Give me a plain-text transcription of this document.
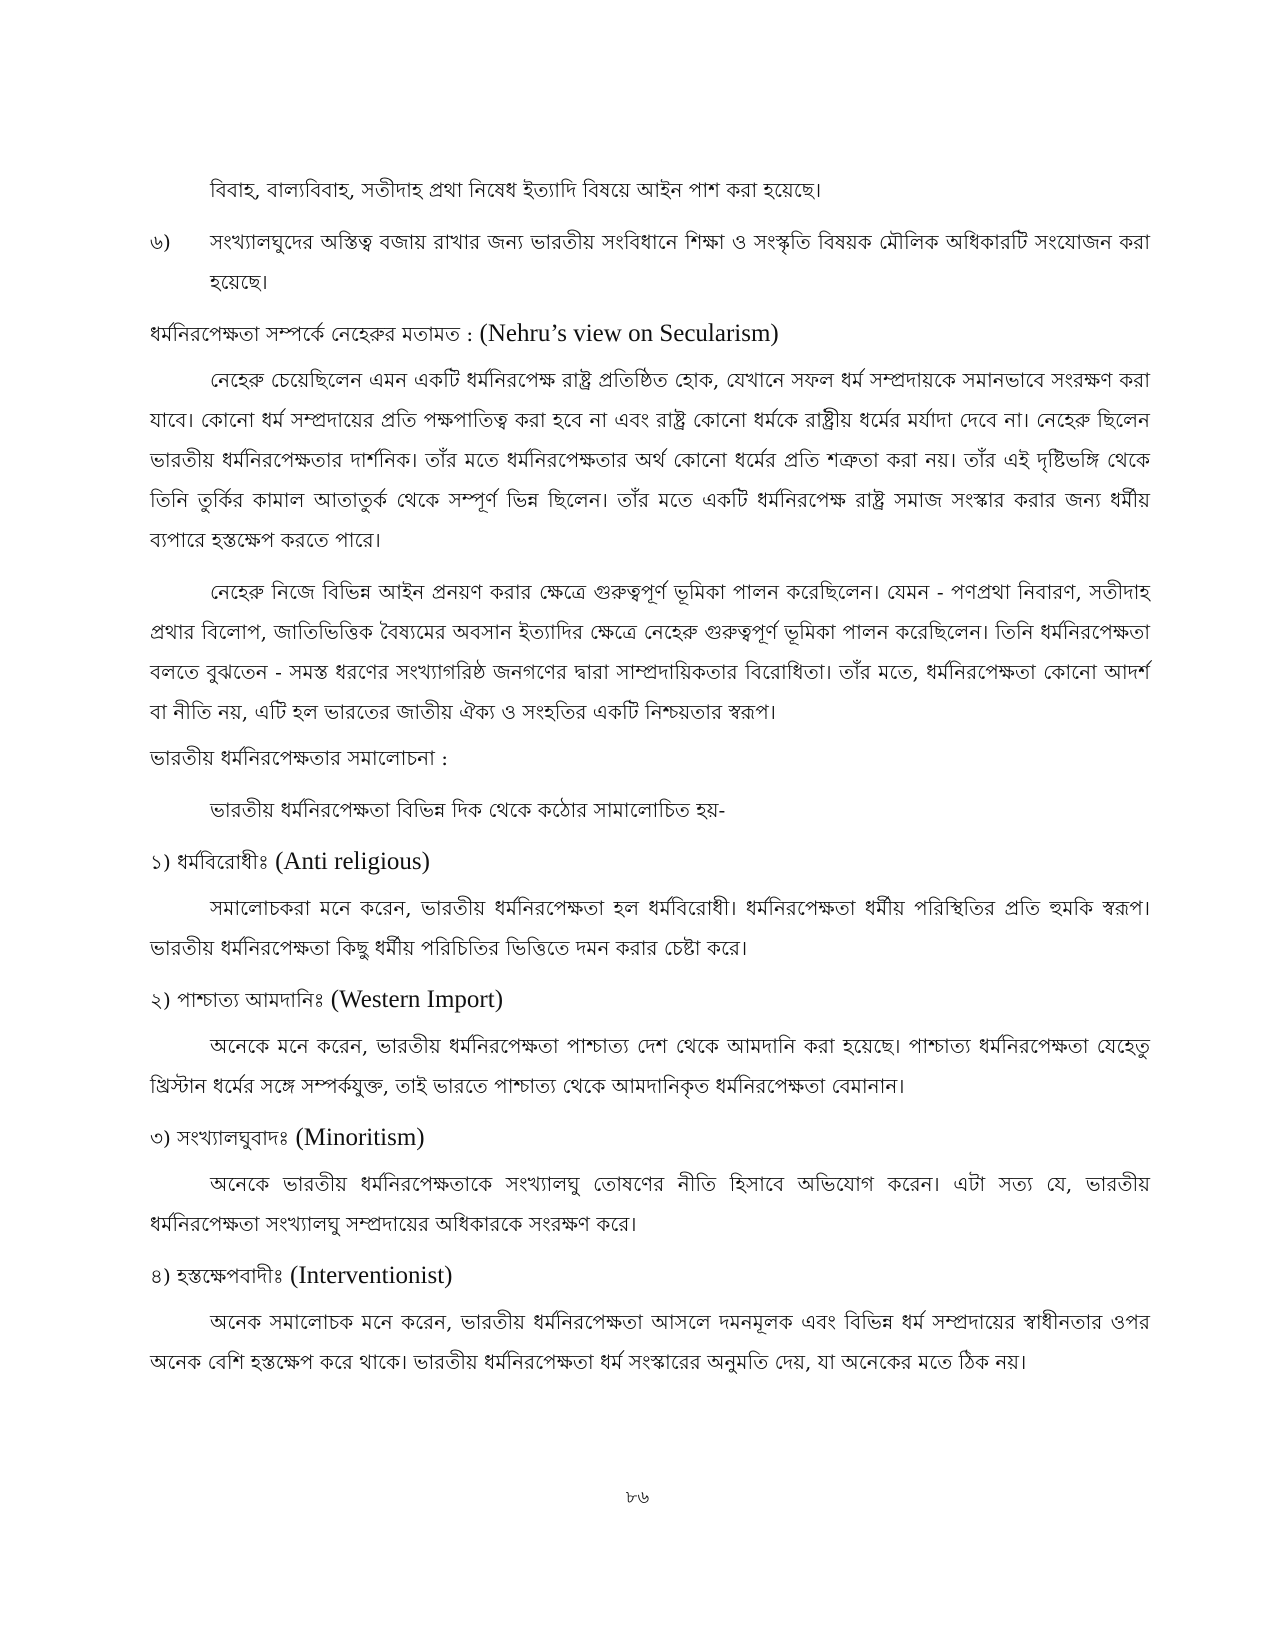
বিবাহ, বাল্যবিবাহ, সতীদাহ প্রথা নিষেধ ইত্যাদি বিষয়ে আইন পাশ করা হয়েছে।

৬)	সংখ্যালঘুদের অস্তিত্ব বজায় রাখার জন্য ভারতীয় সংবিধানে শিক্ষা ও সংস্কৃতি বিষয়ক মৌলিক অধিকারটি সংযোজন করা হয়েছে।

ধর্মনিরপেক্ষতা সম্পর্কে নেহেরুর মতামত : (Nehru’s view on Secularism)

নেহেরু চেয়েছিলেন এমন একটি ধর্মনিরপেক্ষ রাষ্ট্র প্রতিষ্ঠিত হোক, যেখানে সফল ধর্ম সম্প্রদায়কে সমানভাবে সংরক্ষণ করা যাবে। কোনো ধর্ম সম্প্রদায়ের প্রতি পক্ষপাতিত্ব করা হবে না এবং রাষ্ট্র কোনো ধর্মকে রাষ্ট্রীয় ধর্মের মর্যাদা দেবে না। নেহেরু ছিলেন ভারতীয় ধর্মনিরপেক্ষতার দার্শনিক। তাঁর মতে ধর্মনিরপেক্ষতার অর্থ কোনো ধর্মের প্রতি শত্রুতা করা নয়। তাঁর এই দৃষ্টিভঙ্গি থেকে তিনি তুর্কির কামাল আতাতুর্ক থেকে সম্পূর্ণ ভিন্ন ছিলেন। তাঁর মতে একটি ধর্মনিরপেক্ষ রাষ্ট্র সমাজ সংস্কার করার জন্য ধর্মীয় ব্যপারে হস্তক্ষেপ করতে পারে।

নেহেরু নিজে বিভিন্ন আইন প্রনয়ণ করার ক্ষেত্রে গুরুত্বপূর্ণ ভূমিকা পালন করেছিলেন। যেমন - পণপ্রথা নিবারণ, সতীদাহ প্রথার বিলোপ, জাতিভিত্তিক বৈষ্যমের অবসান ইত্যাদির ক্ষেত্রে নেহেরু গুরুত্বপূর্ণ ভূমিকা পালন করেছিলেন। তিনি ধর্মনিরপেক্ষতা বলতে বুঝতেন - সমস্ত ধরণের সংখ্যাগরিষ্ঠ জনগণের দ্বারা সাম্প্রদায়িকতার বিরোধিতা। তাঁর মতে, ধর্মনিরপেক্ষতা কোনো আদর্শ বা নীতি নয়, এটি হল ভারতের জাতীয় ঐক্য ও সংহতির একটি নিশ্চয়তার স্বরূপ।

ভারতীয় ধর্মনিরপেক্ষতার সমালোচনা :

ভারতীয় ধর্মনিরপেক্ষতা বিভিন্ন দিক থেকে কঠোর সামালোচিত হয়-

১) ধর্মবিরোধীঃ (Anti religious)

সমালোচকরা মনে করেন, ভারতীয় ধর্মনিরপেক্ষতা হল ধর্মবিরোধী। ধর্মনিরপেক্ষতা ধর্মীয় পরিস্থিতির প্রতি হুমকি স্বরূপ। ভারতীয় ধর্মনিরপেক্ষতা কিছু ধর্মীয় পরিচিতির ভিত্তিতে দমন করার চেষ্টা করে।

২) পাশ্চাত্য আমদানিঃ (Western Import)

অনেকে মনে করেন, ভারতীয় ধর্মনিরপেক্ষতা পাশ্চাত্য দেশ থেকে আমদানি করা হয়েছে। পাশ্চাত্য ধর্মনিরপেক্ষতা যেহেতু খ্রিস্টান ধর্মের সঙ্গে সম্পর্কযুক্ত, তাই ভারতে পাশ্চাত্য থেকে আমদানিকৃত ধর্মনিরপেক্ষতা বেমানান।

৩) সংখ্যালঘুবাদঃ (Minoritism)

অনেকে ভারতীয় ধর্মনিরপেক্ষতাকে সংখ্যালঘু তোষণের নীতি হিসাবে অভিযোগ করেন। এটা সত্য যে, ভারতীয় ধর্মনিরপেক্ষতা সংখ্যালঘু সম্প্রদায়ের অধিকারকে সংরক্ষণ করে।

৪) হস্তক্ষেপবাদীঃ (Interventionist)

অনেক সমালোচক মনে করেন, ভারতীয় ধর্মনিরপেক্ষতা আসলে দমনমূলক এবং বিভিন্ন ধর্ম সম্প্রদায়ের স্বাধীনতার ওপর অনেক বেশি হস্তক্ষেপ করে থাকে। ভারতীয় ধর্মনিরপেক্ষতা ধর্ম সংস্কারের অনুমতি দেয়, যা অনেকের মতে ঠিক নয়।

৮৬
